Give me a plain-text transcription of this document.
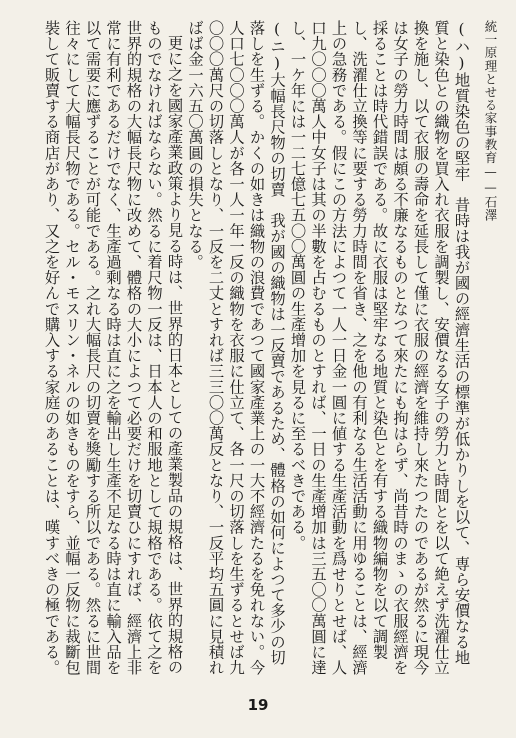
統一原理とせる家事教育——石澤

(ハ)地質染色の堅牢　昔時は我が國の經濟生活の標準が低かりしを以て、専ら安價なる地質と染色との織物を買入れ衣服を調製し、安價なる女子の勞力と時間とを以て絶えず洗濯仕立換を施し、以て衣服の壽命を延長して僅に衣服の經濟を維持し來たつたのであるが然るに現今は女子の勞力時間は頗る不廉なるものとなつて來たにも拘はらず、尚昔時のまゝの衣服經濟を採ることは時代錯誤である。故に衣服は堅牢なる地質と染色とを有する織物編物を以て調製し、洗濯仕立換等に要する勞力時間を省き、之を他の有利なる生活活動に用ゆることは、經濟上の急務である。假にこの方法によつて一人一日金一圓に値する生產活動を爲せりとせば、人口九〇〇〇萬人中女子は其の半數を占むるものとすれば、一日の生產增加は三五〇〇萬圓に達し、一ケ年には一二七億七五〇〇萬圓の生產增加を見るに至るべきである。

(ニ)大幅長尺物の切賣　我が國の織物は一反賣であるため、體格の如何によつて多少の切落しを生ずる。かくの如きは織物の浪費であつて國家產業上の一大不經濟たるを免れない。今人口七〇〇〇萬人が各一人一年一反の織物を衣服に仕立て、各一尺の切落しを生ずるとせば九〇〇〇萬尺の切落しとなり、一反を二丈とすれば三三〇〇萬反となり、一反平均五圓に見積ればば金一六五〇萬圓の損失となる。

更に之を國家產業政策より見る時は、世界的日本としての產業製品の規格は、世界的規格のものでなければならない。然るに着尺物一反は、日本人の和服地として規格である。依て之を世界的規格の大幅長尺物に改めて、體格の大小によつて必要だけを切賣ひにすれば、經濟上非常に有利であるだけでなく、生產過剩なる時は直に之を輸出し生產不足なる時は直に輸入品を以て需要に應ずることが可能である。之れ大幅長尺の切賣を獎勵する所以である。然るに世間往々にして大幅長尺物である。セル・モスリン・ネルの如きものをすら、並幅一反物に裁斷包裝して販賣する商店があり、又之を好んで購入する家庭のあることは、嘆すべきの極である。

19
